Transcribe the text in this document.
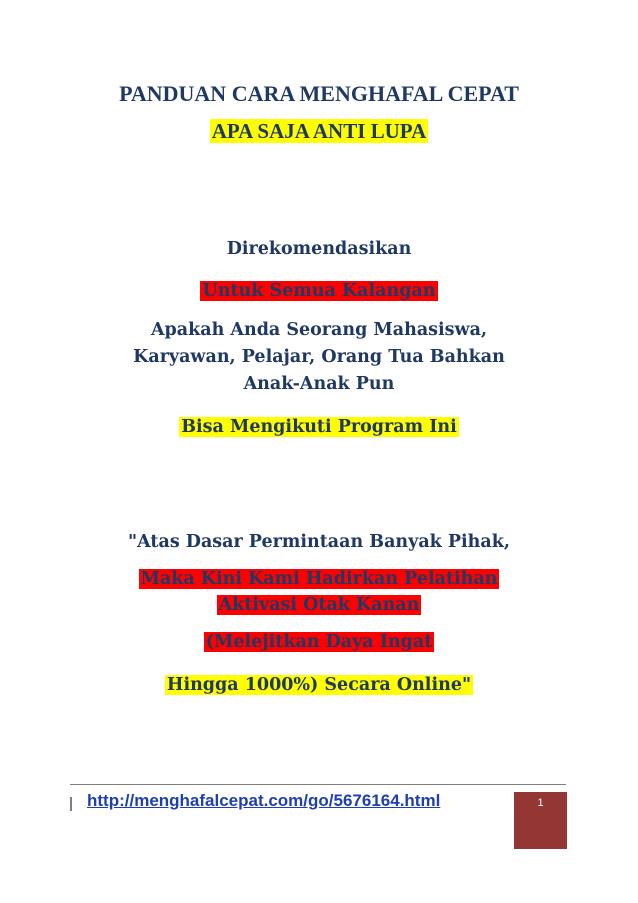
PANDUAN CARA MENGHAFAL CEPAT
APA SAJA ANTI LUPA
Direkomendasikan
Untuk Semua Kalangan
Apakah Anda Seorang Mahasiswa,
Karyawan, Pelajar, Orang Tua Bahkan
Anak-Anak Pun
Bisa Mengikuti Program Ini
"Atas Dasar Permintaan Banyak Pihak,
Maka Kini Kami Hadirkan Pelatihan
Aktivasi Otak Kanan
(Melejitkan Daya Ingat
Hingga 1000%) Secara Online"
http://menghafalcepat.com/go/5676164.html	1
